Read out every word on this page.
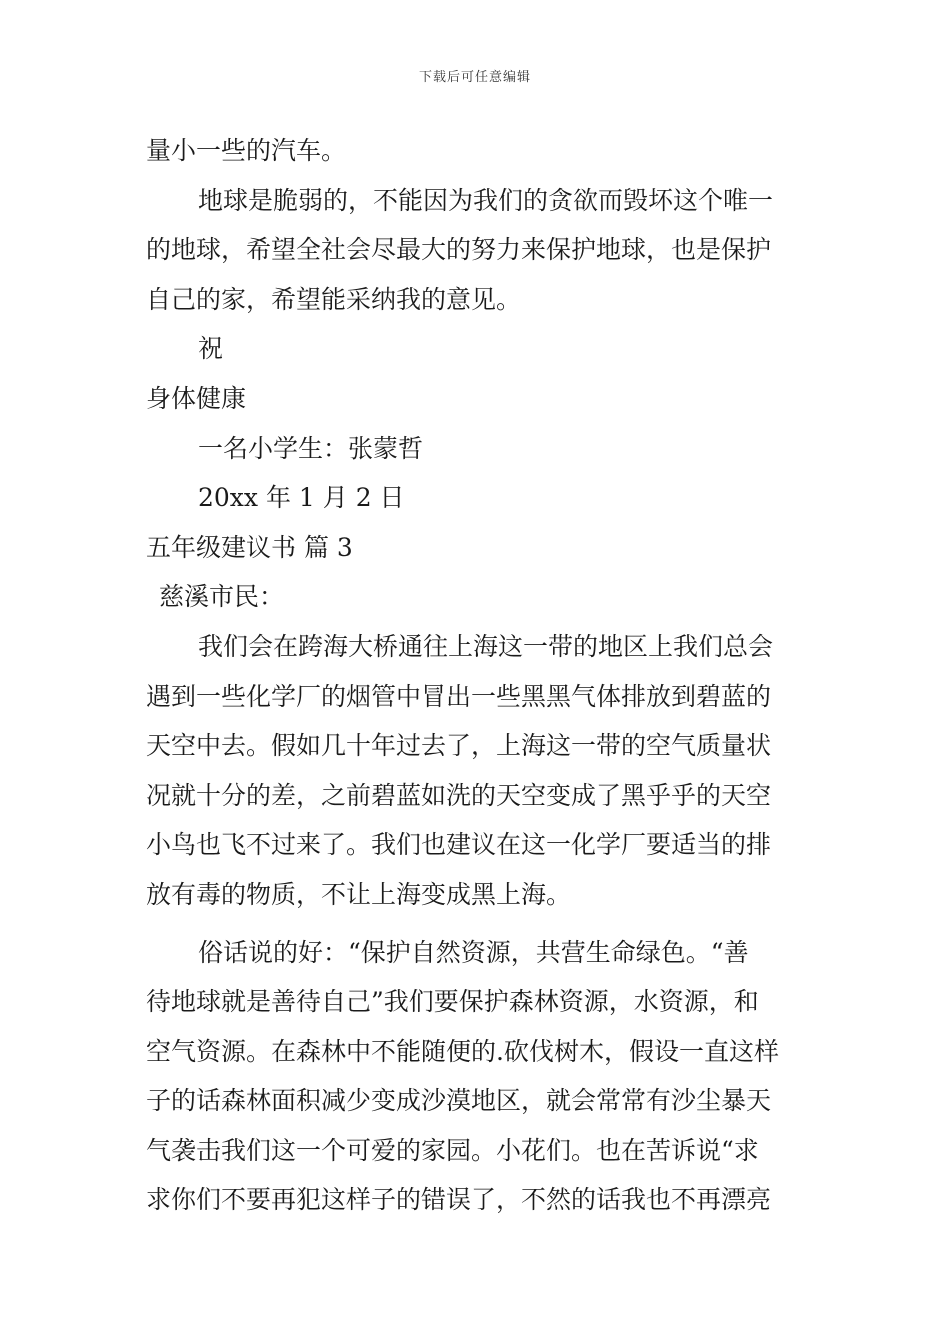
下载后可任意编辑
量小一些的汽车。
地球是脆弱的，不能因为我们的贪欲而毁坏这个唯一
的地球，希望全社会尽最大的努力来保护地球，也是保护
自己的家，希望能采纳我的意见。
祝
身体健康
一名小学生：张蒙哲
20xx 年 1 月 2 日
五年级建议书 篇 3
慈溪市民：
我们会在跨海大桥通往上海这一带的地区上我们总会
遇到一些化学厂的烟管中冒出一些黑黑气体排放到碧蓝的
天空中去。假如几十年过去了，上海这一带的空气质量状
况就十分的差，之前碧蓝如洗的天空变成了黑乎乎的天空
小鸟也飞不过来了。我们也建议在这一化学厂要适当的排
放有毒的物质，不让上海变成黑上海。
俗话说的好：“保护自然资源，共营生命绿色。“善
待地球就是善待自己”我们要保护森林资源，水资源，和
空气资源。在森林中不能随便的.砍伐树木，假设一直这样
子的话森林面积减少变成沙漠地区，就会常常有沙尘暴天
气袭击我们这一个可爱的家园。小花们。也在苦诉说“求
求你们不要再犯这样子的错误了，不然的话我也不再漂亮
